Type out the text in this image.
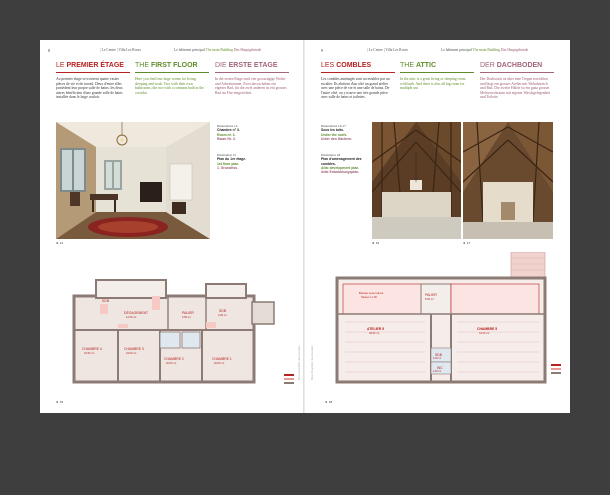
8	| Le Centre | Villa Les Roses	Le bâtiment principal The main Building Das Hauptgebäude
LE PREMIER ÉTAGE THE FIRST FLOOR DIE ERSTE ETAGE
Au premier étage se trouvent quatre vastes pièces de vie et de travail. Deux d'entre elles possèdent leur propre salle de bains; les deux autres bénéficient d'une grande salle de bains installée dans le large couloir.
Here you find four large rooms for living, sleeping and work. Two with their own bathrooms; the two with a common bath in the corridor.
In der ersten Etage sind vier grosszügige Wohn- und Arbeitsräume. Zwei davon haben ein eigenes Bad, für die zwei anderen ist ein grosses Bad im Flur eingerichtet.
Ill. 14
Illustrations 14
Chambre n° 3.
Room nr. 3.
Raum Nr. 3.
Illustration 15
Plan du 1er étage.
1st floor plan.
1. Grundriss.
DÉGAGEMENT
12.00 m²
PALIER
6.50 m²
SDB
4.20 m²
SDB
CHAMBRE 4
22.50 m²
CHAMBRE 3
24.00 m²
CHAMBRE 2
20.00 m²
CHAMBRE 1
26.00 m²
Ill. 15
Plans d'ensemble: plan inventaire
9	| Le Centre | Villa Les Roses	Le bâtiment principal The main Building Das Hauptgebäude
LES COMBLES	THE ATTIC	DER DACHBODEN
Les combles aménagés sont accessibles par un escalier. Ils abritent d'un côté un grand atelier avec une pièce de vie et une salle de bains. De l'autre côté, on y trouve une très grande pièce avec salle de bains et toilettes.
In the attic is a great living or sleeping room with bath. And there is also all big room for multiple use.
Der Dachstock ist über eine Treppe erreichbar und birgt ein grosses Atelier mit Wohnbereich und Bad. Die zweite Hälfte ist ein ganz grosser Mehrzweckraum mit eigener Waschgelegenheit und Toilette.
Illustrations 16-17
Sous les toits.
Under the roofs.
Unter den Dächern.
Illustration 18
Plan d'aménagement des combles.
Attic development plan.
Attic Entwicklungsplan.
Ill. 16	Ill. 17
ATELIER 5
48.00 m²
CHAMBRE 5
42.00 m²
SDB
6.00 m²
WC
2.00 m²
PALIER
8.00 m²
Bureau sous toiture
Hauteur ≥ 1.80
Ill. 18
Plans d'ensemble: plan inventaire
